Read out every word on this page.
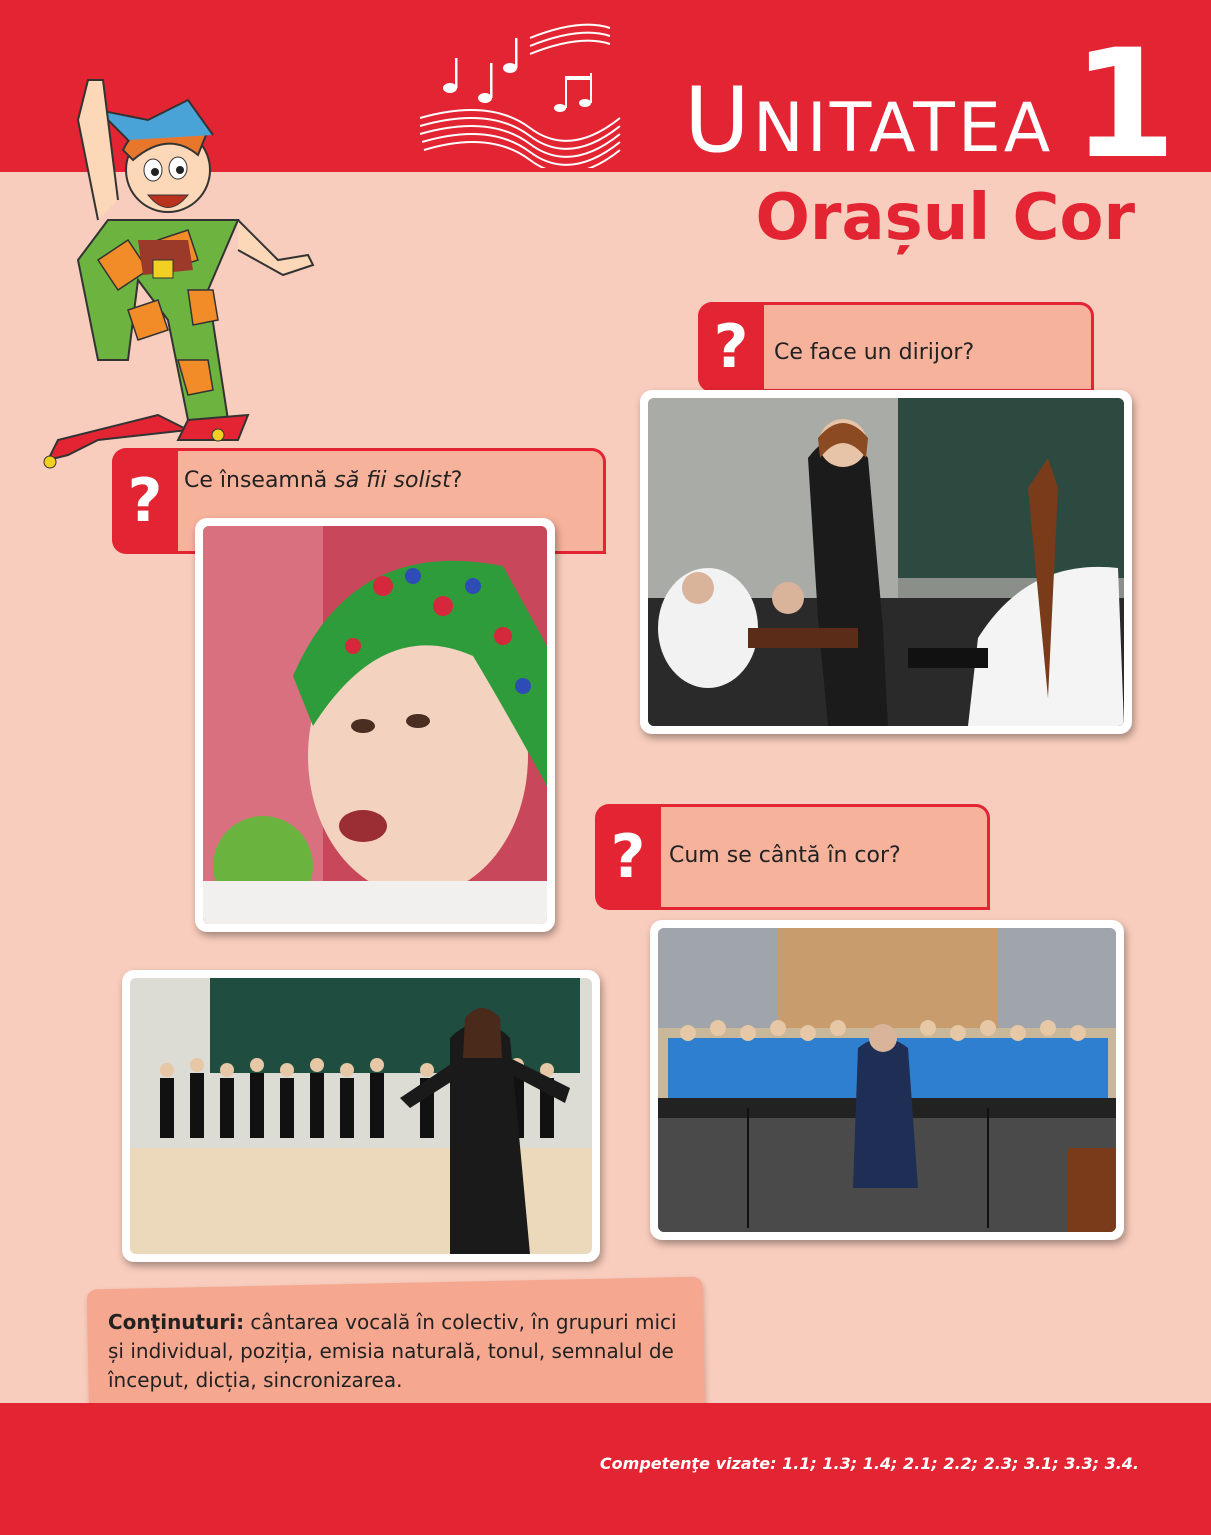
UNITATEA 1
Orașul Cor
?	Ce face un dirijor?
? Ce înseamnă să fii solist?
?	Cum se cântă în cor?
Conţinuturi: cântarea vocală în colectiv, în grupuri mici și individual, poziția, emisia naturală, tonul, semnalul de început, dicția, sincronizarea.
Competenţe vizate: 1.1; 1.3; 1.4; 2.1; 2.2; 2.3; 3.1; 3.3; 3.4.
